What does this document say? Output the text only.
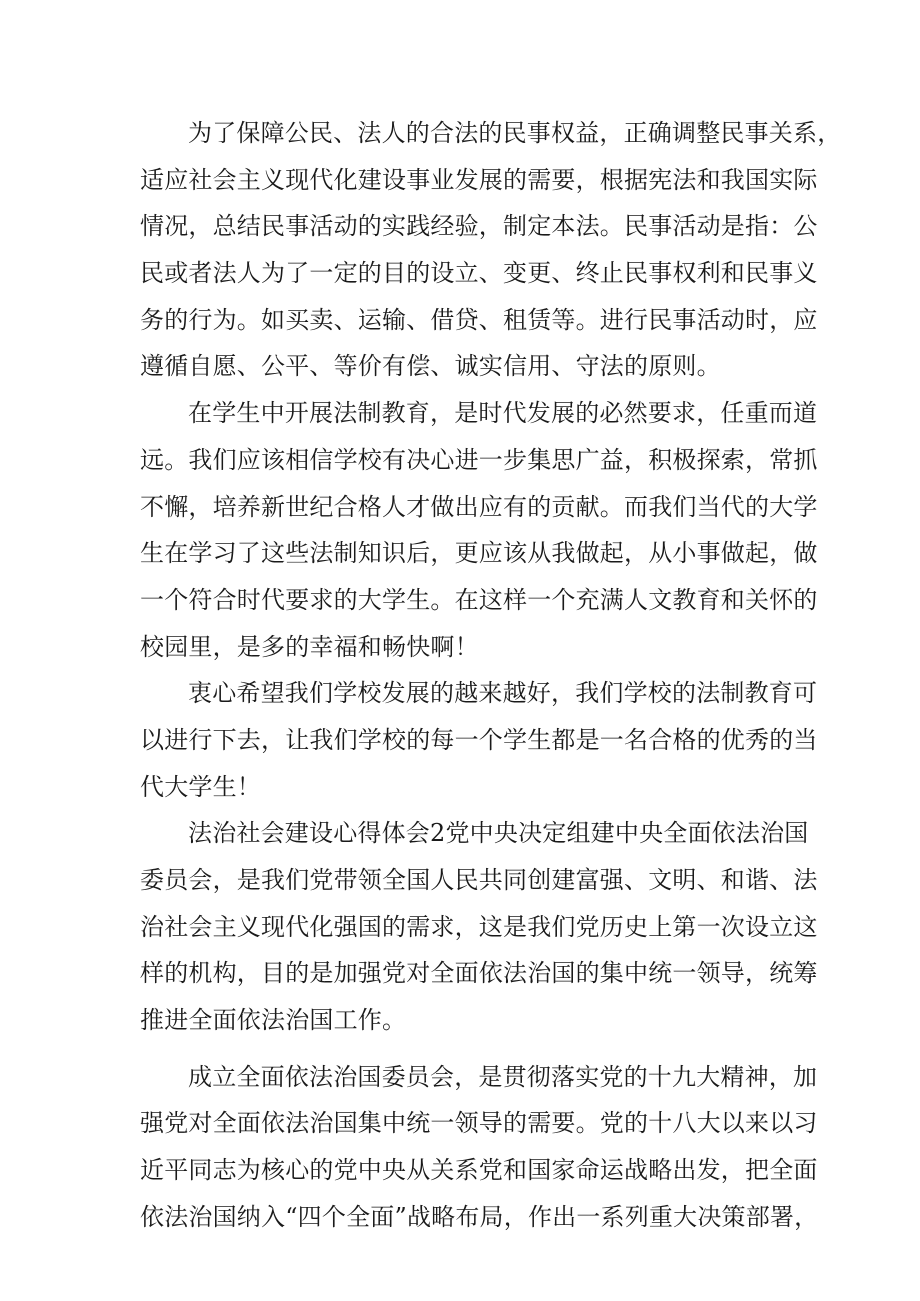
为了保障公民、法人的合法的民事权益，正确调整民事关系，
适应社会主义现代化建设事业发展的需要，根据宪法和我国实际
情况，总结民事活动的实践经验，制定本法。民事活动是指：公
民或者法人为了一定的目的设立、变更、终止民事权利和民事义
务的行为。如买卖、运输、借贷、租赁等。进行民事活动时，应
遵循自愿、公平、等价有偿、诚实信用、守法的原则。
在学生中开展法制教育，是时代发展的必然要求，任重而道
远。我们应该相信学校有决心进一步集思广益，积极探索，常抓
不懈，培养新世纪合格人才做出应有的贡献。而我们当代的大学
生在学习了这些法制知识后，更应该从我做起，从小事做起，做
一个符合时代要求的大学生。在这样一个充满人文教育和关怀的
校园里，是多的幸福和畅快啊！
衷心希望我们学校发展的越来越好，我们学校的法制教育可
以进行下去，让我们学校的每一个学生都是一名合格的优秀的当
代大学生！
法治社会建设心得体会2党中央决定组建中央全面依法治国
委员会，是我们党带领全国人民共同创建富强、文明、和谐、法
治社会主义现代化强国的需求，这是我们党历史上第一次设立这
样的机构，目的是加强党对全面依法治国的集中统一领导，统筹
推进全面依法治国工作。
成立全面依法治国委员会，是贯彻落实党的十九大精神，加
强党对全面依法治国集中统一领导的需要。党的十八大以来以习
近平同志为核心的党中央从关系党和国家命运战略出发，把全面
依法治国纳入“四个全面”战略布局，作出一系列重大决策部署，
